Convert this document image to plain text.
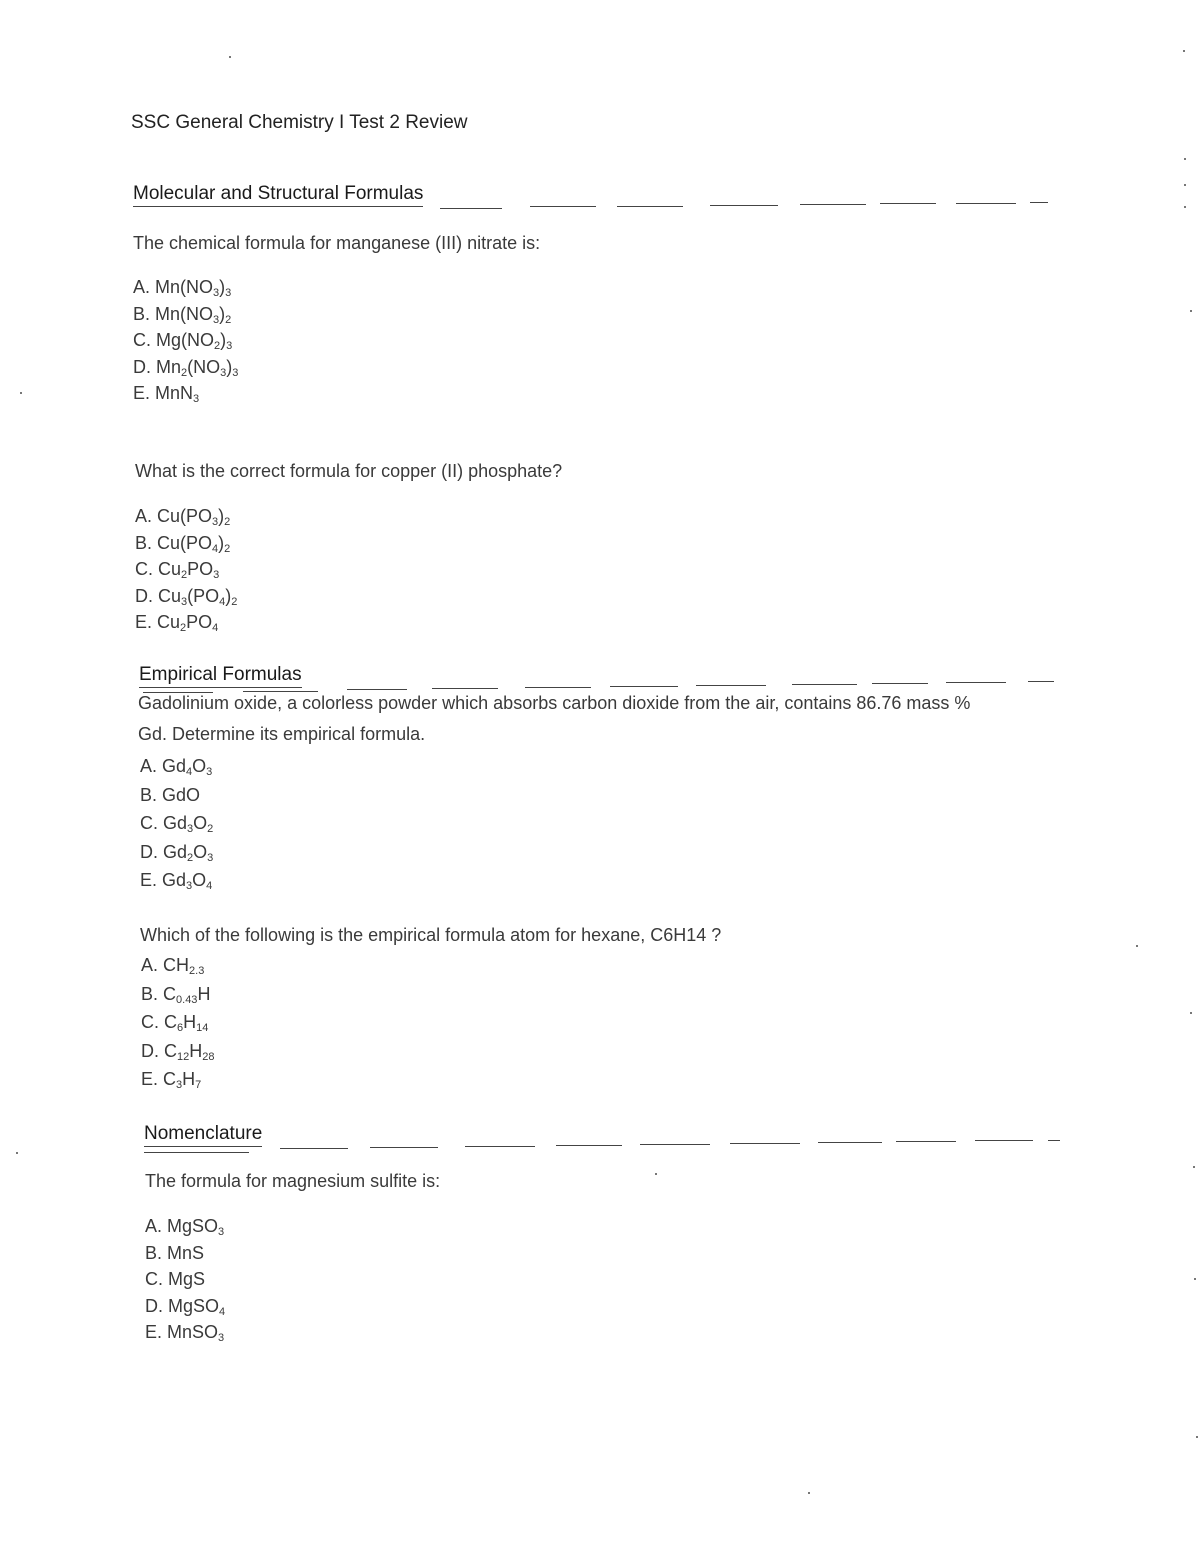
SSC General Chemistry I Test 2 Review
Molecular and Structural Formulas
The chemical formula for manganese (III) nitrate is:
A. $Mn(NO_3)_3$
B. $Mn(NO_3)_2$
C. $Mg(NO_2)_3$
D. $Mn_2(NO_3)_3$
E. MnN$_3$
What is the correct formula for copper (II) phosphate?
A. $Cu(PO_3)_2$
B. $Cu(PO_4)_2$
C. $Cu_2PO_3$
D. $Cu_3(PO_4)_2$
E. $Cu_2PO_4$
Empirical Formulas
Gadolinium oxide, a colorless powder which absorbs carbon dioxide from the air, contains 86.76 mass %
Gd. Determine its empirical formula.
A. $Gd_4O_3$
B. GdO
C. $Gd_3O_2$
D. $Gd_2O_3$
E. $Gd_3O_4$
Which of the following is the empirical formula atom for hexane, C6H14 ?
A. $CH_{2.3}$
B. $C_{0.43}H$
C. $C_6H_{14}$
D. $C_{12}H_{28}$
E. $C_3H_7$
Nomenclature
The formula for magnesium sulfite is:
A. MgSO$_3$
B. MnS
C. MgS
D. MgSO$_4$
E. MnSO$_3$
